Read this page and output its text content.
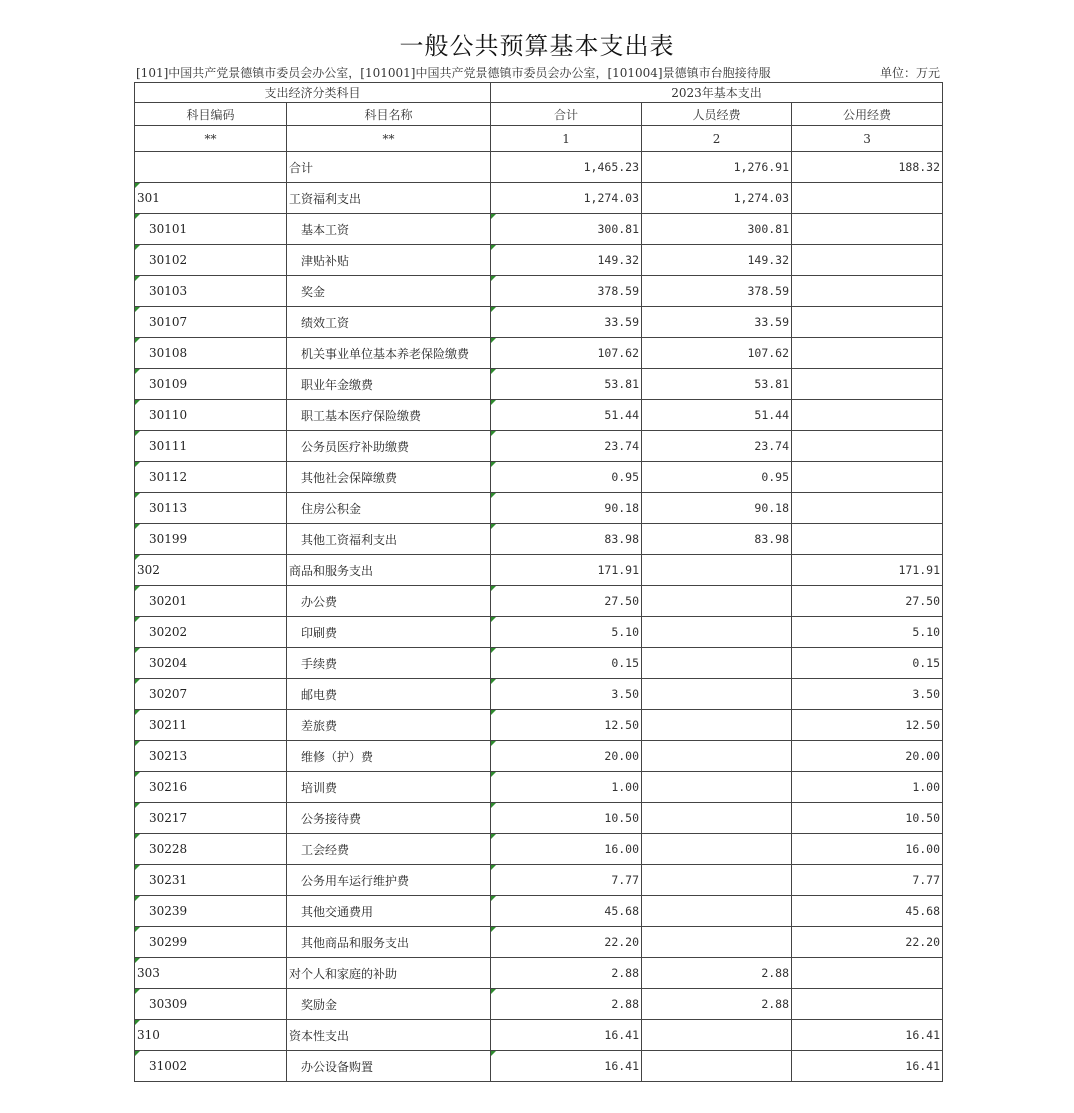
一般公共预算基本支出表
[101]中国共产党景德镇市委员会办公室，[101001]中国共产党景德镇市委员会办公室，[101004]景德镇市台胞接待服	单位：万元
支出经济分类科目		2023年基本支出		
科目编码	科目名称	合计	人员经费	公用经费
**	**	1	2	3
	合计	1,465.23	1,276.91	188.32
301	工资福利支出	1,274.03	1,274.03	
30101	基本工资	300.81	300.81	
30102	津贴补贴	149.32	149.32	
30103	奖金	378.59	378.59	
30107	绩效工资	33.59	33.59	
30108	机关事业单位基本养老保险缴费	107.62	107.62	
30109	职业年金缴费	53.81	53.81	
30110	职工基本医疗保险缴费	51.44	51.44	
30111	公务员医疗补助缴费	23.74	23.74	
30112	其他社会保障缴费	0.95	0.95	
30113	住房公积金	90.18	90.18	
30199	其他工资福利支出	83.98	83.98	
302	商品和服务支出	171.91		171.91
30201	办公费	27.50		27.50
30202	印刷费	5.10		5.10
30204	手续费	0.15		0.15
30207	邮电费	3.50		3.50
30211	差旅费	12.50		12.50
30213	维修（护）费	20.00		20.00
30216	培训费	1.00		1.00
30217	公务接待费	10.50		10.50
30228	工会经费	16.00		16.00
30231	公务用车运行维护费	7.77		7.77
30239	其他交通费用	45.68		45.68
30299	其他商品和服务支出	22.20		22.20
303	对个人和家庭的补助	2.88	2.88	
30309	奖励金	2.88	2.88	
310	资本性支出	16.41		16.41
31002	办公设备购置	16.41		16.41
